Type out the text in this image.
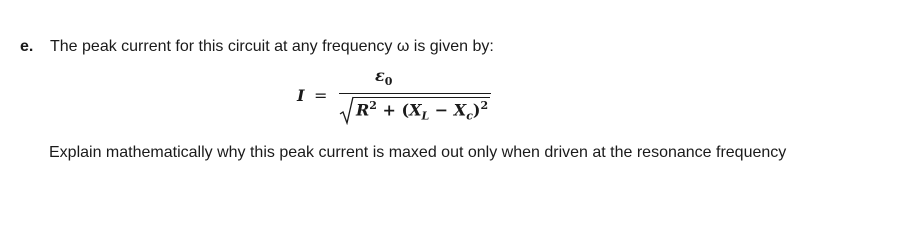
e. The peak current for this circuit at any frequency ω is given by:
I =
$\varepsilon_0$
$R^2 + (X_L - X_c)^2$
Explain mathematically why this peak current is maxed out only when driven at the resonance frequency
